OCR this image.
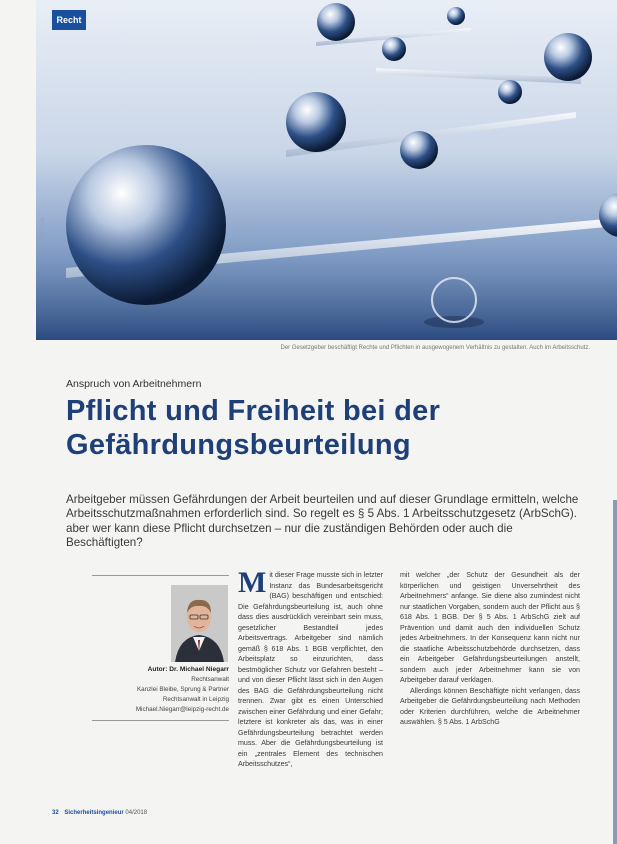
Recht
© fotolia / Foto
Der Gesetzgeber beschäftigt Rechte und Pflichten in ausgewogenem Verhältnis zu gestalten. Auch im Arbeitsschutz.
Anspruch von Arbeitnehmern
Pflicht und Freiheit bei der
Gefährdungsbeurteilung
Arbeitgeber müssen Gefährdungen der Arbeit beurteilen und auf dieser Grundlage ermitteln, welche Arbeitsschutzmaßnahmen erforderlich sind. So regelt es § 5 Abs. 1 Arbeitsschutzgesetz (ArbSchG). aber wer kann diese Pflicht durchsetzen – nur die zuständigen Behörden oder auch die Beschäftigten?
Autor: Dr. Michael Niegarr
Rechtsanwalt
Kanzlei Bleibe, Sprung & Partner
Rechtsanwalt in Leipzig
Michael.Niegarr@leipzig-recht.de
M it dieser Frage musste sich in letzter Instanz das Bundesarbeitsgericht (BAG) beschäftigen und entschied: Die Gefährdungsbeurteilung ist, auch ohne dass dies ausdrücklich vereinbart sein muss, gesetzlicher Bestandteil jedes Arbeitsvertrags. Arbeitgeber sind nämlich gemäß § 618 Abs. 1 BGB verpflichtet, den Arbeitsplatz so einzurichten, dass bestmöglicher Schutz vor Gefahren besteht – und von dieser Pflicht lässt sich in den Augen des BAG die Gefährdungsbeurteilung nicht trennen. Zwar gibt es einen Unterschied zwischen einer Gefährdung und einer Gefahr; letztere ist konkreter als das, was in einer Gefährdungsbeurteilung betrachtet werden muss. Aber die Gefährdungsbeurteilung ist ein „zentrales Element des technischen Arbeitsschutzes“,

mit welcher „der Schutz der Gesundheit als der körperlichen und geistigen Unversehrtheit des Arbeitnehmers“ anfange. Sie diene also zumindest nicht nur staatlichen Vorgaben, sondern auch der Pflicht aus § 618 Abs. 1 BGB. Der § 5 Abs. 1 ArbSchG zielt auf Prävention und damit auch den individuellen Schutz jedes Arbeitnehmers. In der Konsequenz kann nicht nur die staatliche Arbeitsschutzbehörde durchsetzen, dass ein Arbeitgeber Gefährdungsbeurteilungen anstellt, sondern auch jeder Arbeitnehmer kann sie von Arbeitgeber darauf verklagen.

Allerdings können Beschäftigte nicht verlangen, dass Arbeitgeber die Gefährdungsbeurteilung nach Methoden oder Kriterien durchführen, welche die Arbeitnehmer auswählen. § 5 Abs. 1 ArbSchG

32 Sicherheitsingenieur 04/2018
